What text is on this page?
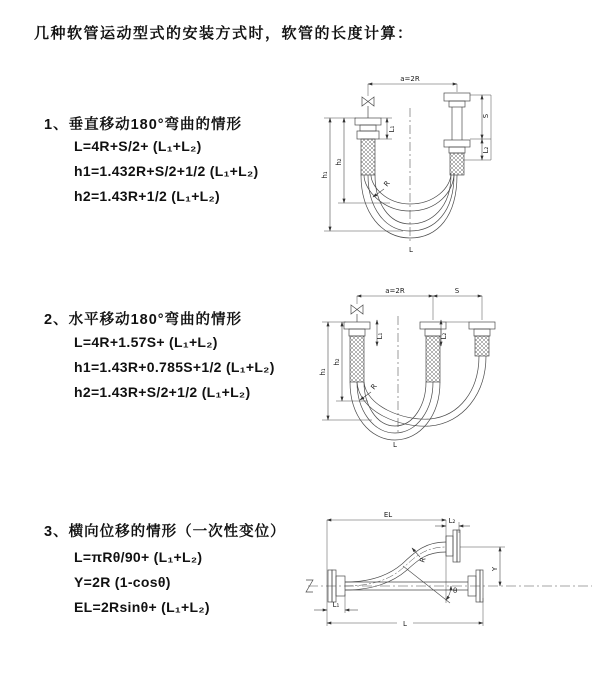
几种软管运动型式的安装方式时，软管的长度计算：
1、垂直移动180°弯曲的情形
L=4R+S/2+ (L₁+L₂)
h1=1.432R+S/2+1/2 (L₁+L₂)
h2=1.43R+1/2 (L₁+L₂)
2、水平移动180°弯曲的情形
L=4R+1.57S+ (L₁+L₂)
h1=1.43R+0.785S+1/2 (L₁+L₂)
h2=1.43R+S/2+1/2 (L₁+L₂)
3、横向位移的情形（一次性变位）
L=πRθ/90+ (L₁+L₂)
Y=2R (1-cosθ)
EL=2Rsinθ+ (L₁+L₂)
a=2R
S
L₂
L₁
h₁
h₂
R
L
a=2R	S
L₁	L₂
h₁
h₂
R
L
EL
L₂
Y
R
θ
L
L₁
